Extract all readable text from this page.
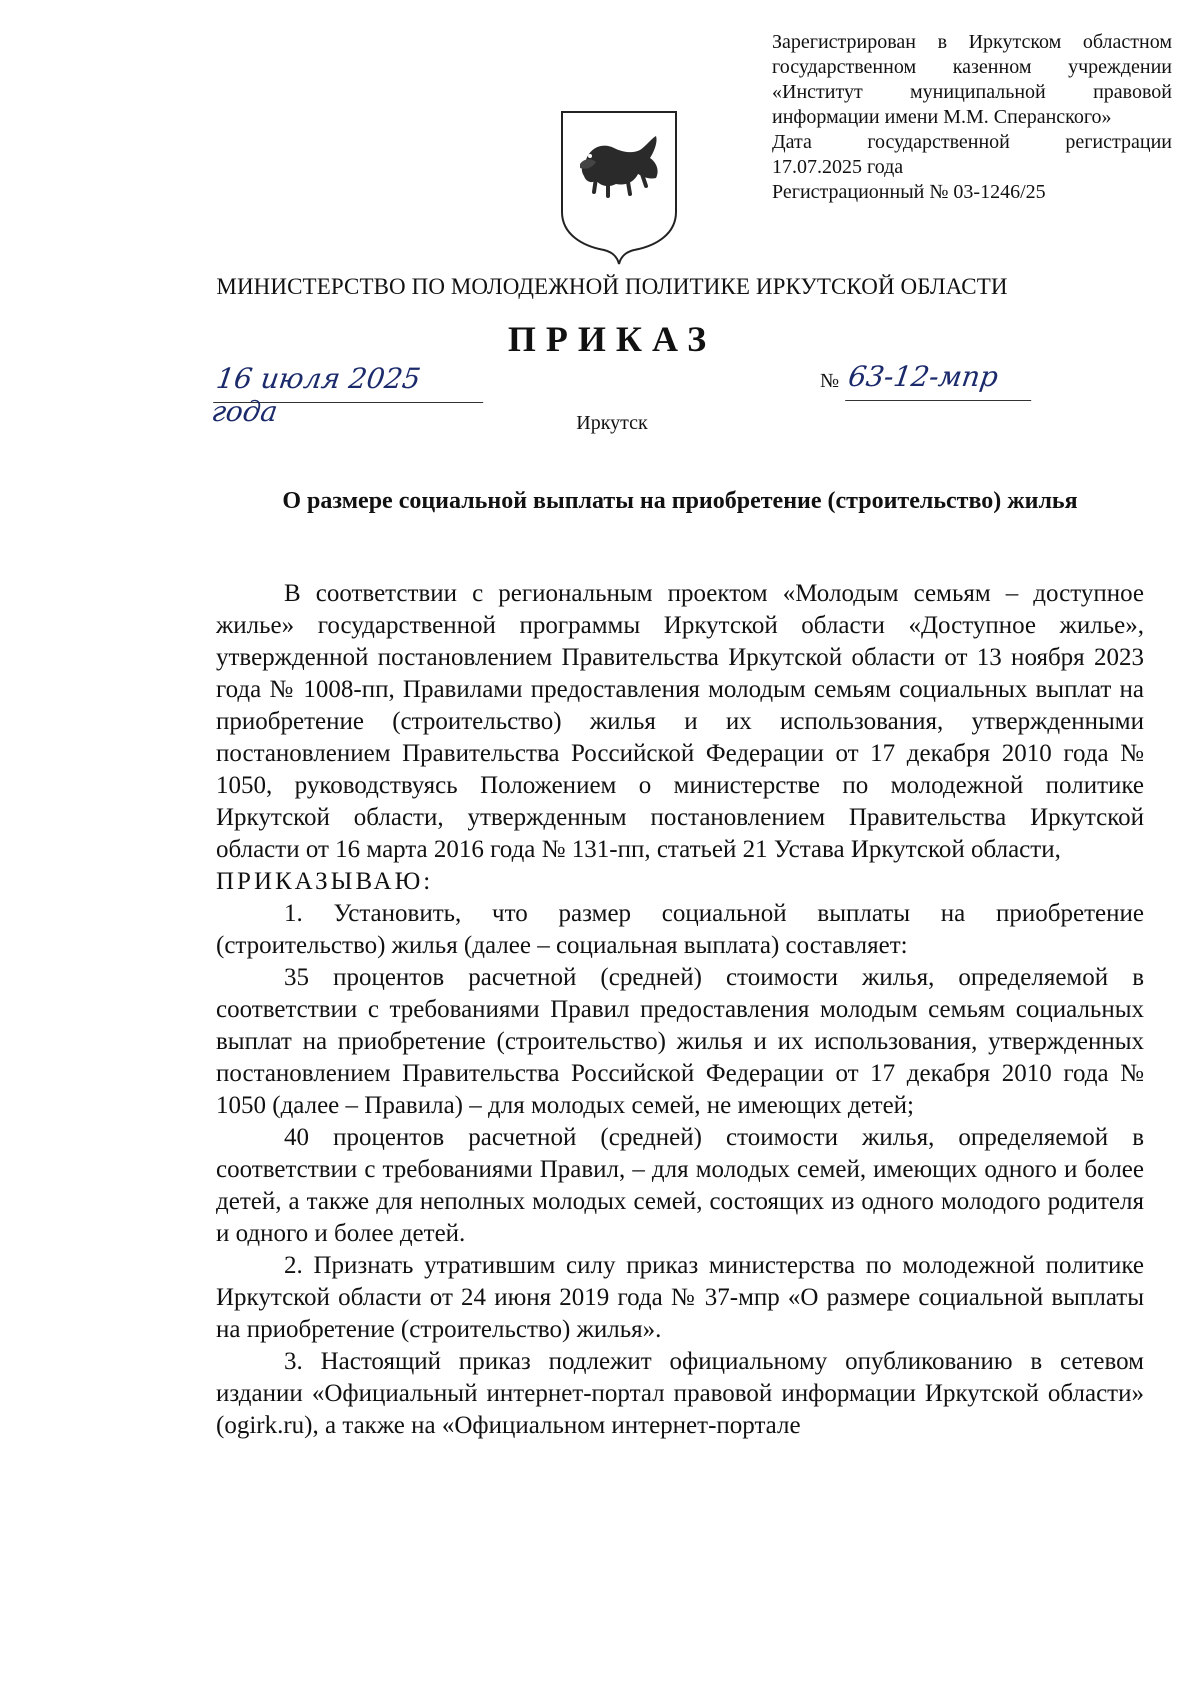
Зарегистрирован в Иркутском областном
государственном казенном учреждении
«Институт муниципальной правовой
информации имени М.М. Сперанского»
Дата государственной регистрации
17.07.2025 года
Регистрационный № 03-1246/25
МИНИСТЕРСТВО ПО МОЛОДЕЖНОЙ ПОЛИТИКЕ ИРКУТСКОЙ ОБЛАСТИ
ПРИКАЗ
16 июля 2025 года
№ 63-12-мпр
Иркутск
О размере социальной выплаты на приобретение (строительство) жилья

В соответствии с региональным проектом «Молодым семьям – доступное жилье» государственной программы Иркутской области «Доступное жилье», утвержденной постановлением Правительства Иркутской области от 13 ноября 2023 года № 1008-пп, Правилами предоставления молодым семьям социальных выплат на приобретение (строительство) жилья и их использования, утвержденными постановлением Правительства Российской Федерации от 17 декабря 2010 года № 1050, руководствуясь Положением о министерстве по молодежной политике Иркутской области, утвержденным постановлением Правительства Иркутской области от 16 марта 2016 года № 131-пп, статьей 21 Устава Иркутской области,

ПРИКАЗЫВАЮ:

1. Установить, что размер социальной выплаты на приобретение (строительство) жилья (далее – социальная выплата) составляет:

35 процентов расчетной (средней) стоимости жилья, определяемой в соответствии с требованиями Правил предоставления молодым семьям социальных выплат на приобретение (строительство) жилья и их использования, утвержденных постановлением Правительства Российской Федерации от 17 декабря 2010 года № 1050 (далее – Правила) – для молодых семей, не имеющих детей;

40 процентов расчетной (средней) стоимости жилья, определяемой в соответствии с требованиями Правил, – для молодых семей, имеющих одного и более детей, а также для неполных молодых семей, состоящих из одного молодого родителя и одного и более детей.

2. Признать утратившим силу приказ министерства по молодежной политике Иркутской области от 24 июня 2019 года № 37-мпр «О размере социальной выплаты на приобретение (строительство) жилья».

3. Настоящий приказ подлежит официальному опубликованию в сетевом издании «Официальный интернет-портал правовой информации Иркутской области» (ogirk.ru), а также на «Официальном интернет-портале
